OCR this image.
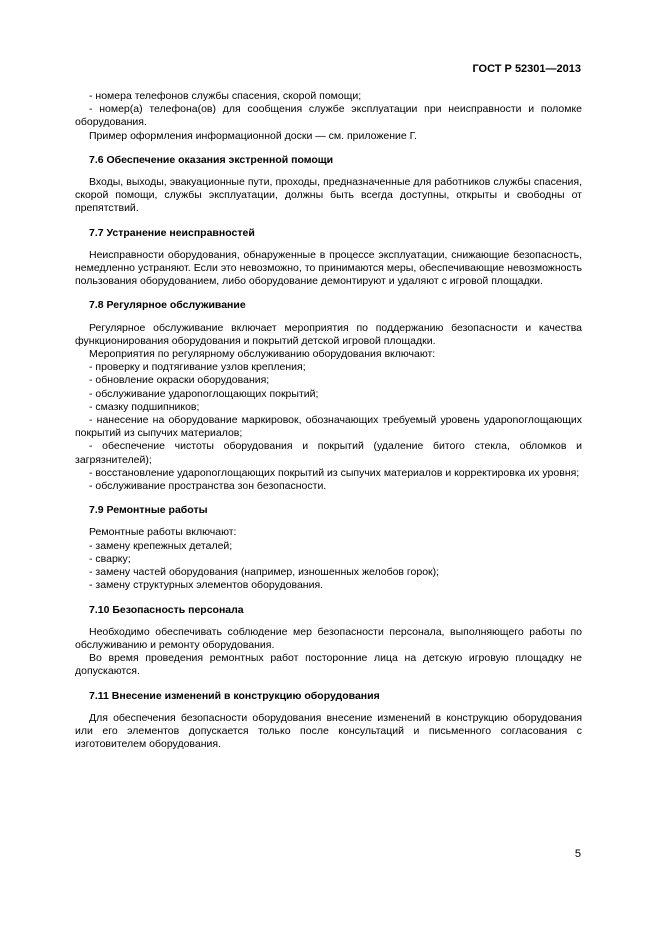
ГОСТ Р 52301—2013

- номера телефонов службы спасения, скорой помощи;

- номер(а) телефона(ов) для сообщения службе эксплуатации при неисправности и поломке оборудования.

Пример оформления информационной доски — см. приложение Г.

7.6 Обеспечение оказания экстренной помощи

Входы, выходы, эвакуационные пути, проходы, предназначенные для работников службы спасения, скорой помощи, службы эксплуатации, должны быть всегда доступны, открыты и свободны от препятствий.

7.7 Устранение неисправностей

Неисправности оборудования, обнаруженные в процессе эксплуатации, снижающие безопасность, немедленно устраняют. Если это невозможно, то принимаются меры, обеспечивающие невозможность пользования оборудованием, либо оборудование демонтируют и удаляют с игровой площадки.

7.8 Регулярное обслуживание

Регулярное обслуживание включает мероприятия по поддержанию безопасности и качества функционирования оборудования и покрытий детской игровой площадки.

Мероприятия по регулярному обслуживанию оборудования включают:

- проверку и подтягивание узлов крепления;

- обновление окраски оборудования;

- обслуживание удароnоглощающих покрытий;

- смазку подшипников;

- нанесение на оборудование маркировок, обозначающих требуемый уровень удароnоглощающих покрытий из сыпучих материалов;

- обеспечение чистоты оборудования и покрытий (удаление битого стекла, обломков и загрязнителей);

- восстановление удароnоглощающих покрытий из сыпучих материалов и корректировка их уровня;

- обслуживание пространства зон безопасности.

7.9 Ремонтные работы

Ремонтные работы включают:

- замену крепежных деталей;

- сварку;

- замену частей оборудования (например, изношенных желобов горок);

- замену структурных элементов оборудования.

7.10 Безопасность персонала

Необходимо обеспечивать соблюдение мер безопасности персонала, выполняющего работы по обслуживанию и ремонту оборудования.

Во время проведения ремонтных работ посторонние лица на детскую игровую площадку не допускаются.

7.11 Внесение изменений в конструкцию оборудования

Для обеспечения безопасности оборудования внесение изменений в конструкцию оборудования или его элементов допускается только после консультаций и письменного согласования с изготовителем оборудования.

5
